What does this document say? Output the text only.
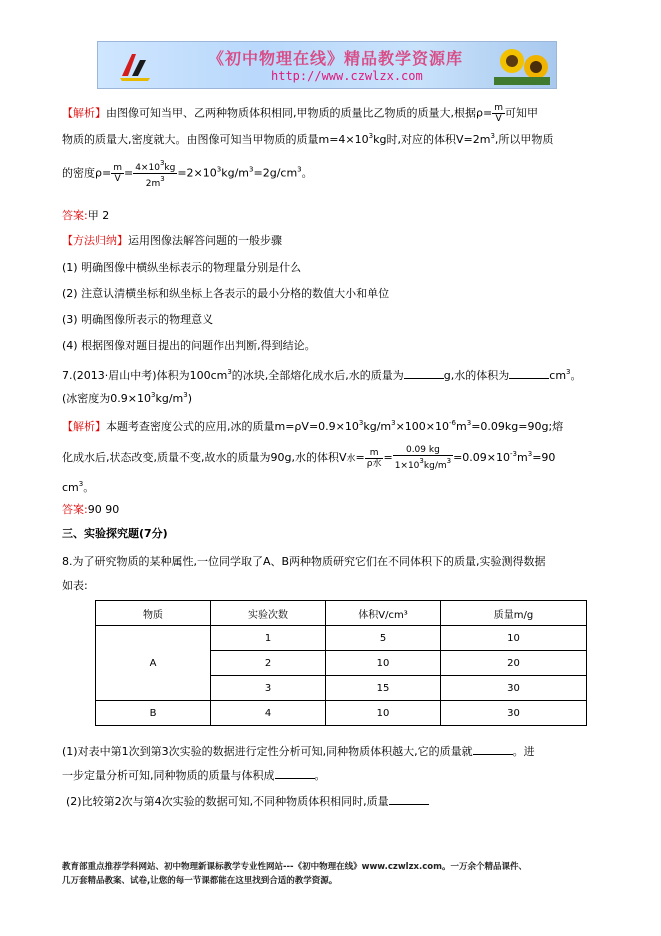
《初中物理在线》精品教学资源库
http://www.czwlzx.com
【解析】由图像可知当甲、乙两种物质体积相同,甲物质的质量比乙物质的质量大,根据$\rho= \frac{m}{V}$ 可知甲
物质的质量大,密度就大。由图像可知当甲物质的质量$m=4\times 10^3kg$时,对应的体积$V=2m^3$,所以甲物质
的密度$\rho= \frac{m}{V} = \frac{4\times 10^3kg}{2m^3} =2\times 10^3kg/m^3=2g/cm^3$。
答案:甲 2
【方法归纳】运用图像法解答问题的一般步骤
(1) 明确图像中横纵坐标表示的物理量分别是什么
(2) 注意认清横坐标和纵坐标上各表示的最小分格的数值大小和单位
(3) 明确图像所表示的物理意义
(4) 根据图像对题目提出的问题作出判断,得到结论。
7.(2013·眉山中考)体积为$100cm^3$的冰块,全部熔化成水后,水的质量为	g,水的体积为	$cm^3$。
(冰密度为$0.9\times 10^3kg/m^3$)
【解析】本题考查密度公式的应用,冰的质量$m=\rho V=0.9\times 10^3kg/m^3\times 100\times 10^{-6}m^3=0.09kg=90g$;熔
化成水后,状态改变,质量不变,故水的质量为90g,水的体积V水= $\frac{m}{\text{ρ水}} = \frac{0.09 kg}{1\times 10^3kg/m^3} =0.09\times 10^{-3}m^3=90$
$cm^3$。
答案:90 90
三、实验探究题(7分)
8.为了研究物质的某种属性,一位同学取了A、B两种物质研究它们在不同体积下的质量,实验测得数据
如表:
物质	实验次数	体积V/cm³	质量m/g
A	1	5	10
	2	10	20
	3	15	30
B	4	10	30
(1)对表中第1次到第3次实验的数据进行定性分析可知,同种物质体积越大,它的质量就	。进
一步定量分析可知,同种物质的质量与体积成	。
(2)比较第2次与第4次实验的数据可知,不同种物质体积相同时,质量
教育部重点推荐学科网站、初中物理新课标教学专业性网站---《初中物理在线》www.czwlzx.com。一万余个精品课件、
几万套精品教案、试卷,让您的每一节课都能在这里找到合适的教学资源。
